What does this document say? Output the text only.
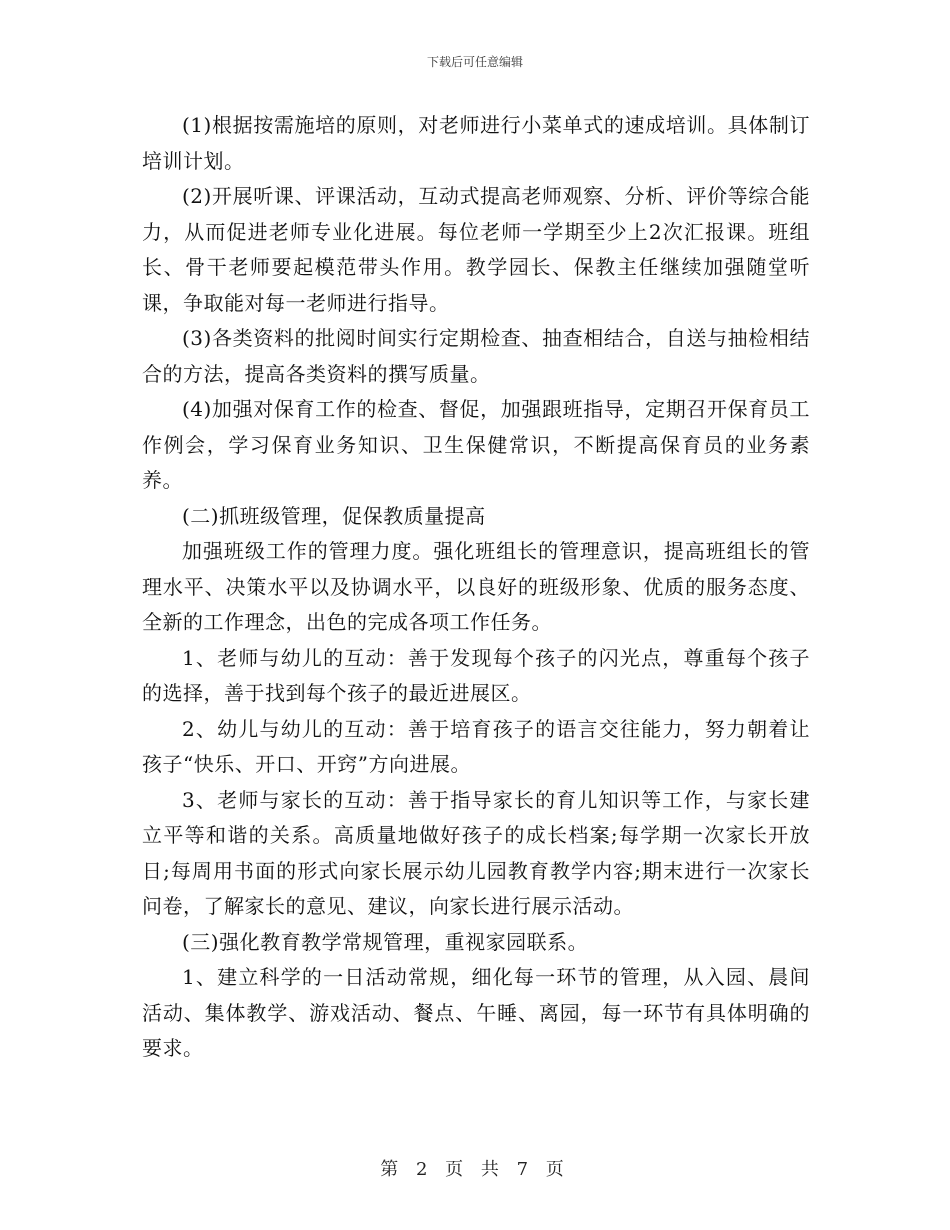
下载后可任意编辑

(1)根据按需施培的原则，对老师进行小菜单式的速成培训。具体制订培训计划。

(2)开展听课、评课活动，互动式提高老师观察、分析、评价等综合能力，从而促进老师专业化进展。每位老师一学期至少上2次汇报课。班组长、骨干老师要起模范带头作用。教学园长、保教主任继续加强随堂听课，争取能对每一老师进行指导。

(3)各类资料的批阅时间实行定期检查、抽查相结合，自送与抽检相结合的方法，提高各类资料的撰写质量。

(4)加强对保育工作的检查、督促，加强跟班指导，定期召开保育员工作例会，学习保育业务知识、卫生保健常识，不断提高保育员的业务素养。

(二)抓班级管理，促保教质量提高

加强班级工作的管理力度。强化班组长的管理意识，提高班组长的管理水平、决策水平以及协调水平，以良好的班级形象、优质的服务态度、全新的工作理念，出色的完成各项工作任务。

1、老师与幼儿的互动：善于发现每个孩子的闪光点，尊重每个孩子的选择，善于找到每个孩子的最近进展区。

2、幼儿与幼儿的互动：善于培育孩子的语言交往能力，努力朝着让孩子“快乐、开口、开窍”方向进展。

3、老师与家长的互动：善于指导家长的育儿知识等工作，与家长建立平等和谐的关系。高质量地做好孩子的成长档案;每学期一次家长开放日;每周用书面的形式向家长展示幼儿园教育教学内容;期末进行一次家长问卷，了解家长的意见、建议，向家长进行展示活动。

(三)强化教育教学常规管理，重视家园联系。

1、建立科学的一日活动常规，细化每一环节的管理，从入园、晨间活动、集体教学、游戏活动、餐点、午睡、离园，每一环节有具体明确的要求。

第 2 页 共 7 页
